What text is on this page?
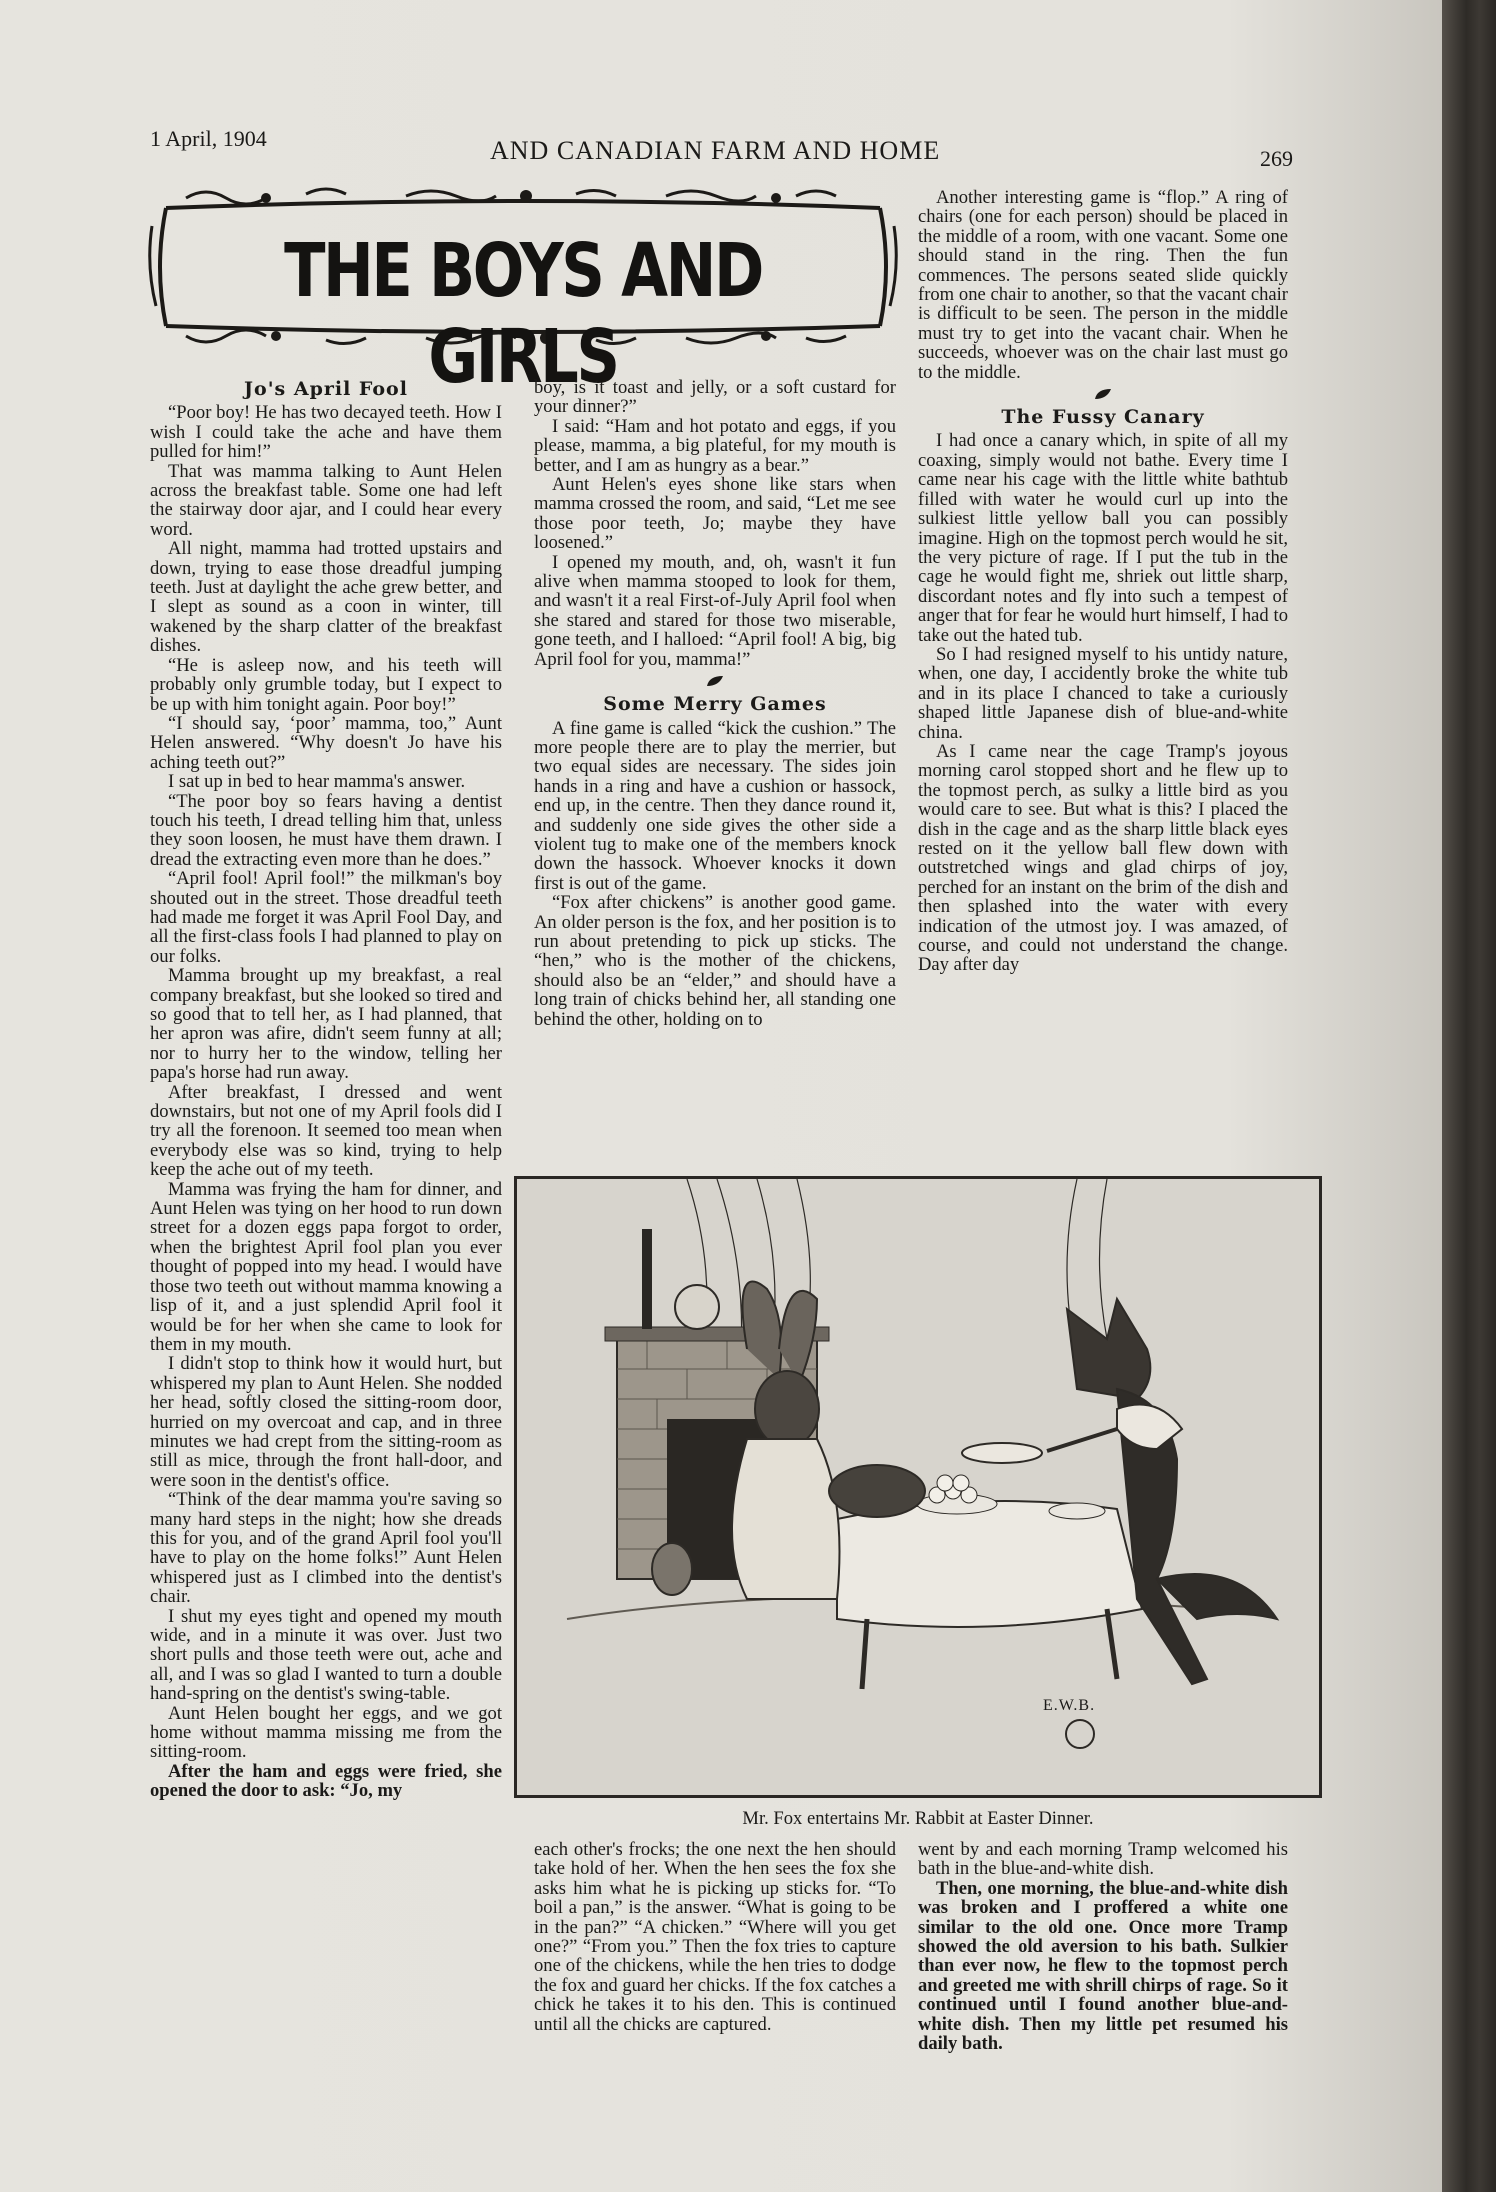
1 April, 1904	AND CANADIAN FARM AND HOME	269
THE BOYS AND GIRLS
Jo's April Fool

“Poor boy! He has two decayed teeth. How I wish I could take the ache and have them pulled for him!”

That was mamma talking to Aunt Helen across the breakfast table. Some one had left the stairway door ajar, and I could hear every word.

All night, mamma had trotted upstairs and down, trying to ease those dreadful jumping teeth. Just at daylight the ache grew better, and I slept as sound as a coon in winter, till wakened by the sharp clatter of the breakfast dishes.

“He is asleep now, and his teeth will probably only grumble today, but I expect to be up with him tonight again. Poor boy!”

“I should say, ‘poor’ mamma, too,” Aunt Helen answered. “Why doesn't Jo have his aching teeth out?”

I sat up in bed to hear mamma's answer.

“The poor boy so fears having a dentist touch his teeth, I dread telling him that, unless they soon loosen, he must have them drawn. I dread the extracting even more than he does.”

“April fool! April fool!” the milkman's boy shouted out in the street. Those dreadful teeth had made me forget it was April Fool Day, and all the first-class fools I had planned to play on our folks.

Mamma brought up my breakfast, a real company breakfast, but she looked so tired and so good that to tell her, as I had planned, that her apron was afire, didn't seem funny at all; nor to hurry her to the window, telling her papa's horse had run away.

After breakfast, I dressed and went downstairs, but not one of my April fools did I try all the forenoon. It seemed too mean when everybody else was so kind, trying to help keep the ache out of my teeth.

Mamma was frying the ham for dinner, and Aunt Helen was tying on her hood to run down street for a dozen eggs papa forgot to order, when the brightest April fool plan you ever thought of popped into my head. I would have those two teeth out without mamma knowing a lisp of it, and a just splendid April fool it would be for her when she came to look for them in my mouth.

I didn't stop to think how it would hurt, but whispered my plan to Aunt Helen. She nodded her head, softly closed the sitting-room door, hurried on my overcoat and cap, and in three minutes we had crept from the sitting-room as still as mice, through the front hall-door, and were soon in the dentist's office.

“Think of the dear mamma you're saving so many hard steps in the night; how she dreads this for you, and of the grand April fool you'll have to play on the home folks!” Aunt Helen whispered just as I climbed into the dentist's chair.

I shut my eyes tight and opened my mouth wide, and in a minute it was over. Just two short pulls and those teeth were out, ache and all, and I was so glad I wanted to turn a double hand-spring on the dentist's swing-table.

Aunt Helen bought her eggs, and we got home without mamma missing me from the sitting-room.

After the ham and eggs were fried, she opened the door to ask: “Jo, my

boy, is it toast and jelly, or a soft custard for your dinner?”

I said: “Ham and hot potato and eggs, if you please, mamma, a big plateful, for my mouth is better, and I am as hungry as a bear.”

Aunt Helen's eyes shone like stars when mamma crossed the room, and said, “Let me see those poor teeth, Jo; maybe they have loosened.”

I opened my mouth, and, oh, wasn't it fun alive when mamma stooped to look for them, and wasn't it a real First-of-July April fool when she stared and stared for those two miserable, gone teeth, and I halloed: “April fool! A big, big April fool for you, mamma!”

Some Merry Games

A fine game is called “kick the cushion.” The more people there are to play the merrier, but two equal sides are necessary. The sides join hands in a ring and have a cushion or hassock, end up, in the centre. Then they dance round it, and suddenly one side gives the other side a violent tug to make one of the members knock down the hassock. Whoever knocks it down first is out of the game.

“Fox after chickens” is another good game. An older person is the fox, and her position is to run about pretending to pick up sticks. The “hen,” who is the mother of the chickens, should also be an “elder,” and should have a long train of chicks behind her, all standing one behind the other, holding on to

Another interesting game is “flop.” A ring of chairs (one for each person) should be placed in the middle of a room, with one vacant. Some one should stand in the ring. Then the fun commences. The persons seated slide quickly from one chair to another, so that the vacant chair is difficult to be seen. The person in the middle must try to get into the vacant chair. When he succeeds, whoever was on the chair last must go to the middle.

The Fussy Canary

I had once a canary which, in spite of all my coaxing, simply would not bathe. Every time I came near his cage with the little white bathtub filled with water he would curl up into the sulkiest little yellow ball you can possibly imagine. High on the topmost perch would he sit, the very picture of rage. If I put the tub in the cage he would fight me, shriek out little sharp, discordant notes and fly into such a tempest of anger that for fear he would hurt himself, I had to take out the hated tub.

So I had resigned myself to his untidy nature, when, one day, I accidently broke the white tub and in its place I chanced to take a curiously shaped little Japanese dish of blue-and-white china.

As I came near the cage Tramp's joyous morning carol stopped short and he flew up to the topmost perch, as sulky a little bird as you would care to see. But what is this? I placed the dish in the cage and as the sharp little black eyes rested on it the yellow ball flew down with outstretched wings and glad chirps of joy, perched for an instant on the brim of the dish and then splashed into the water with every indication of the utmost joy. I was amazed, of course, and could not understand the change. Day after day

E.W.B.
Mr. Fox entertains Mr. Rabbit at Easter Dinner.

each other's frocks; the one next the hen should take hold of her. When the hen sees the fox she asks him what he is picking up sticks for. “To boil a pan,” is the answer. “What is going to be in the pan?” “A chicken.” “Where will you get one?” “From you.” Then the fox tries to capture one of the chickens, while the hen tries to dodge the fox and guard her chicks. If the fox catches a chick he takes it to his den. This is continued until all the chicks are captured.

went by and each morning Tramp welcomed his bath in the blue-and-white dish.

Then, one morning, the blue-and-white dish was broken and I proffered a white one similar to the old one. Once more Tramp showed the old aversion to his bath. Sulkier than ever now, he flew to the topmost perch and greeted me with shrill chirps of rage. So it continued until I found another blue-and-white dish. Then my little pet resumed his daily bath.
